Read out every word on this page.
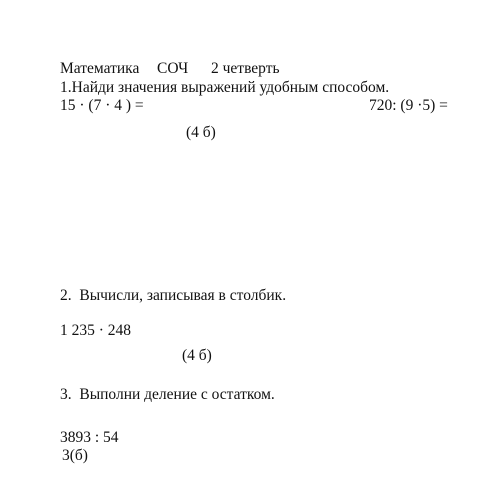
Математика СОЧ 2 четверть
1.Найди значения выражений удобным способом.
15 · (7 · 4 ) =	720: (9 ·5) =
(4 б)
2.  Вычисли, записывая в столбик.
1 235 · 248
(4 б)
3.  Выполни деление с остатком.
3893 : 54
3(б)
